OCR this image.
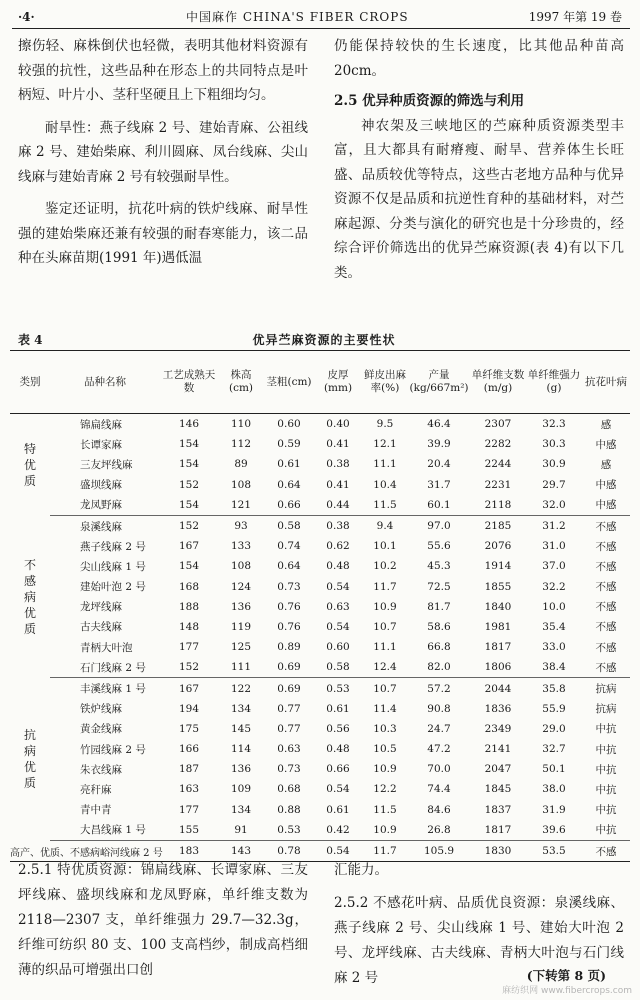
·4·	中国麻作 CHINA'S FIBER CROPS	1997 年第 19 卷

擦伤轻、麻株倒伏也轻微，表明其他材料资源有较强的抗性，这些品种在形态上的共同特点是叶柄短、叶片小、茎秆坚硬且上下粗细均匀。

耐旱性：燕子线麻 2 号、建始青麻、公祖线麻 2 号、建始柴麻、利川圆麻、凤台线麻、尖山线麻与建始青麻 2 号有较强耐旱性。

鉴定还证明，抗花叶病的铁炉线麻、耐旱性强的建始柴麻还兼有较强的耐春寒能力，该二品种在头麻苗期(1991 年)遇低温

仍能保持较快的生长速度，比其他品种苗高 20cm。

2.5 优异种质资源的筛选与利用

神农架及三峡地区的苎麻种质资源类型丰富，且大都具有耐瘠瘦、耐旱、营养体生长旺盛、品质较优等特点，这些古老地方品种与优异资源不仅是品质和抗逆性育种的基础材料，对苎麻起源、分类与演化的研究也是十分珍贵的，经综合评价筛选出的优异苎麻资源(表 4)有以下几类。

表 4	优异苎麻资源的主要性状
类别	品种名称	工艺成熟天数	株高(cm)	茎粗(cm)	皮厚(mm)	鲜皮出麻率(%)	产量(kg/667m²)	单纤维支数(m/g)	单纤维强力(g)	抗花叶病
特
优
质	锦扁线麻	146	110	0.60	0.40	9.5	46.4	2307	32.3	感
	长谭家麻	154	112	0.59	0.41	12.1	39.9	2282	30.3	中感
	三友坪线麻	154	89	0.61	0.38	11.1	20.4	2244	30.9	感
	盛坝线麻	152	108	0.64	0.41	10.4	31.7	2231	29.7	中感
	龙凤野麻	154	121	0.66	0.44	11.5	60.1	2118	32.0	中感
不
感
病
优
质	泉溪线麻	152	93	0.58	0.38	9.4	97.0	2185	31.2	不感
	燕子线麻 2 号	167	133	0.74	0.62	10.1	55.6	2076	31.0	不感
	尖山线麻 1 号	154	108	0.64	0.48	10.2	45.3	1914	37.0	不感
	建始叶泡 2 号	168	124	0.73	0.54	11.7	72.5	1855	32.2	不感
	龙坪线麻	188	136	0.76	0.63	10.9	81.7	1840	10.0	不感
	古夫线麻	148	119	0.76	0.54	10.7	58.6	1981	35.4	不感
	青柄大叶泡	177	125	0.89	0.60	11.1	66.8	1817	33.0	不感
	石门线麻 2 号	152	111	0.69	0.58	12.4	82.0	1806	38.4	不感
抗
病
优
质	丰溪线麻 1 号	167	122	0.69	0.53	10.7	57.2	2044	35.8	抗病
	铁炉线麻	194	134	0.77	0.61	11.4	90.8	1836	55.9	抗病
	黄金线麻	175	145	0.77	0.56	10.3	24.7	2349	29.0	中抗
	竹园线麻 2 号	166	114	0.63	0.48	10.5	47.2	2141	32.7	中抗
	朱衣线麻	187	136	0.73	0.66	10.9	70.0	2047	50.1	中抗
	亮秆麻	163	109	0.68	0.54	12.2	74.4	1845	38.0	中抗
	青中青	177	134	0.88	0.61	11.5	84.6	1837	31.9	中抗
	大昌线麻 1 号	155	91	0.53	0.42	10.9	26.8	1817	39.6	中抗
高产、优质、不感病峪河线麻 2 号		183	143	0.78	0.54	11.7	105.9	1830	53.5	不感

2.5.1 特优质资源：锦扁线麻、长谭家麻、三友坪线麻、盛坝线麻和龙凤野麻，单纤维支数为 2118—2307 支，单纤维强力 29.7—32.3g，纤维可纺织 80 支、100 支高档纱，制成高档细薄的织品可增强出口创

汇能力。

2.5.2 不感花叶病、品质优良资源：泉溪线麻、燕子线麻 2 号、尖山线麻 1 号、建始大叶泡 2 号、龙坪线麻、古夫线麻、青柄大叶泡与石门线麻 2 号	(下转第 8 页)
麻纺织网 www.fibercrops.com
